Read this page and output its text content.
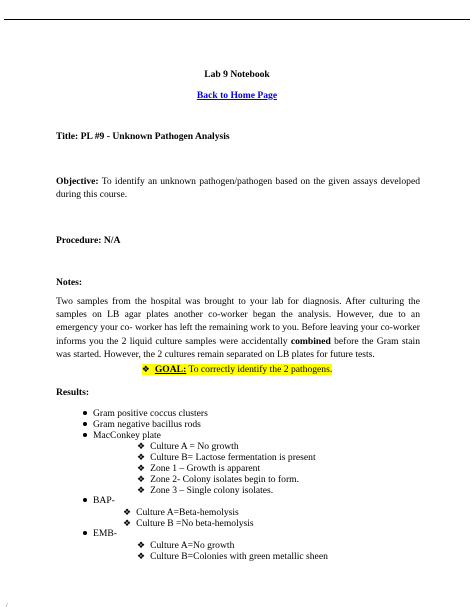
Lab 9 Notebook
Back to Home Page
Title: PL #9 - Unknown Pathogen Analysis
Objective: To identify an unknown pathogen/pathogen based on the given assays developed during this course.
Procedure: N/A
Notes:
Two samples from the hospital was brought to your lab for diagnosis. After culturing the samples on LB agar plates another co-worker began the analysis. However, due to an emergency your co- worker has left the remaining work to you. Before leaving your co-worker informs you the 2 liquid culture samples were accidentally combined before the Gram stain was started. However, the 2 cultures remain separated on LB plates for future tests.
❖ GOAL: To correctly identify the 2 pathogens.
Results:
Gram positive coccus clusters
Gram negative bacillus rods
MacConkey plate
❖ Culture A = No growth
❖ Culture B= Lactose fermentation is present
❖ Zone 1 – Growth is apparent
❖ Zone 2- Colony isolates begin to form.
❖ Zone 3 – Single colony isolates.
BAP-
❖ Culture A=Beta-hemolysis
❖ Culture B =No beta-hemolysis
EMB-
❖ Culture A=No growth
❖ Culture B=Colonies with green metallic sheen
/
